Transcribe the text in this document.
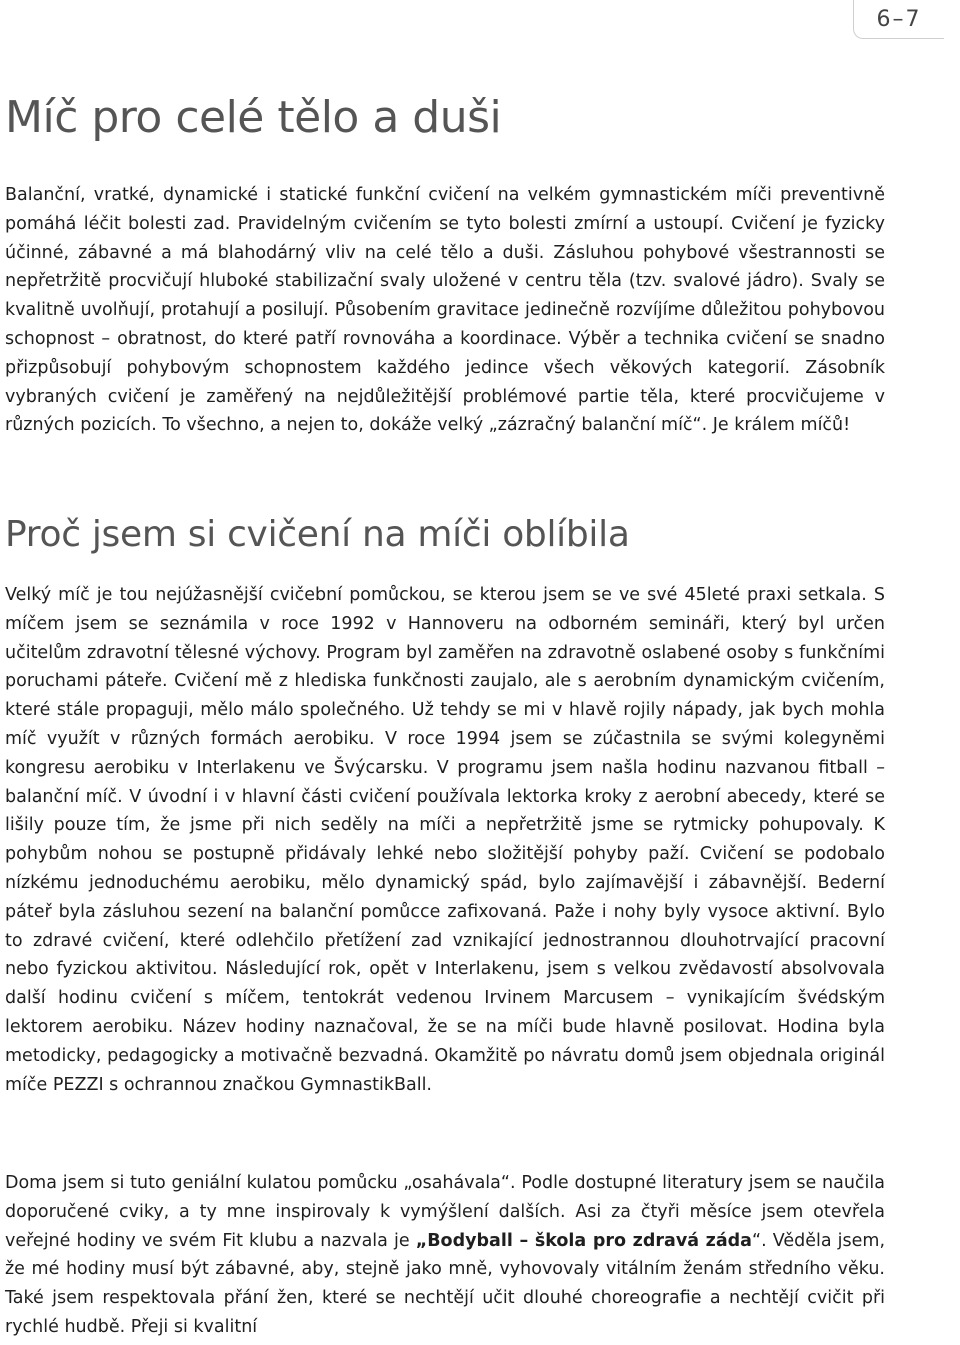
6–7
Míč pro celé tělo a duši

Balanční, vratké, dynamické i statické funkční cvičení na velkém gymnastickém míči preventivně pomáhá léčit bolesti zad. Pravidelným cvičením se tyto bolesti zmírní a ustoupí. Cvičení je fyzicky účinné, zábavné a má blahodárný vliv na celé tělo a duši. Zásluhou pohybové všestrannosti se nepřetržitě procvičují hluboké stabilizační svaly uložené v centru těla (tzv. svalové jádro). Svaly se kvalitně uvolňují, protahují a posilují. Působením gravitace jedinečně rozvíjíme důležitou pohybovou schopnost – obratnost, do které patří rovnováha a koordinace. Výběr a technika cvičení se snadno přizpůsobují pohybovým schopnostem každého jedince všech věkových kategorií. Zásobník vybraných cvičení je zaměřený na nejdůležitější problémové partie těla, které procvičujeme v různých pozicích. To všechno, a nejen to, dokáže velký „zázračný balanční míč“. Je králem míčů!

Proč jsem si cvičení na míči oblíbila

Velký míč je tou nejúžasnější cvičební pomůckou, se kterou jsem se ve své 45leté praxi setkala. S míčem jsem se seznámila v roce 1992 v Hannoveru na odborném semináři, který byl určen učitelům zdravotní tělesné výchovy. Program byl zaměřen na zdravotně oslabené osoby s funkčními poruchami páteře. Cvičení mě z hlediska funkčnosti zaujalo, ale s aerobním dynamickým cvičením, které stále propaguji, mělo málo společného. Už tehdy se mi v hlavě rojily nápady, jak bych mohla míč využít v různých formách aerobiku. V roce 1994 jsem se zúčastnila se svými kolegyněmi kongresu aerobiku v Interlakenu ve Švýcarsku. V programu jsem našla hodinu nazvanou fitball – balanční míč. V úvodní i v hlavní části cvičení používala lektorka kroky z aerobní abecedy, které se lišily pouze tím, že jsme při nich seděly na míči a nepřetržitě jsme se rytmicky pohupovaly. K pohybům nohou se postupně přidávaly lehké nebo složitější pohyby paží. Cvičení se podobalo nízkému jednoduchému aerobiku, mělo dynamický spád, bylo zajímavější i zábavnější. Bederní páteř byla zásluhou sezení na balanční pomůcce zafixovaná. Paže i nohy byly vysoce aktivní. Bylo to zdravé cvičení, které odlehčilo přetížení zad vznikající jednostrannou dlouhotrvající pracovní nebo fyzickou aktivitou. Následující rok, opět v Interlakenu, jsem s velkou zvědavostí absolvovala další hodinu cvičení s míčem, tentokrát vedenou Irvinem Marcusem – vynikajícím švédským lektorem aerobiku. Název hodiny naznačoval, že se na míči bude hlavně posilovat. Hodina byla metodicky, pedagogicky a motivačně bezvadná. Okamžitě po návratu domů jsem objednala originál míče PEZZI s ochrannou značkou GymnastikBall.

Doma jsem si tuto geniální kulatou pomůcku „osahávala“. Podle dostupné literatury jsem se naučila doporučené cviky, a ty mne inspirovaly k vymýšlení dalších. Asi za čtyři měsíce jsem otevřela veřejné hodiny ve svém Fit klubu a nazvala je „Bodyball – škola pro zdravá záda“. Věděla jsem, že mé hodiny musí být zábavné, aby, stejně jako mně, vyhovovaly vitálním ženám středního věku. Také jsem respektovala přání žen, které se nechtějí učit dlouhé choreografie a nechtějí cvičit při rychlé hudbě. Přeji si kvalitní
